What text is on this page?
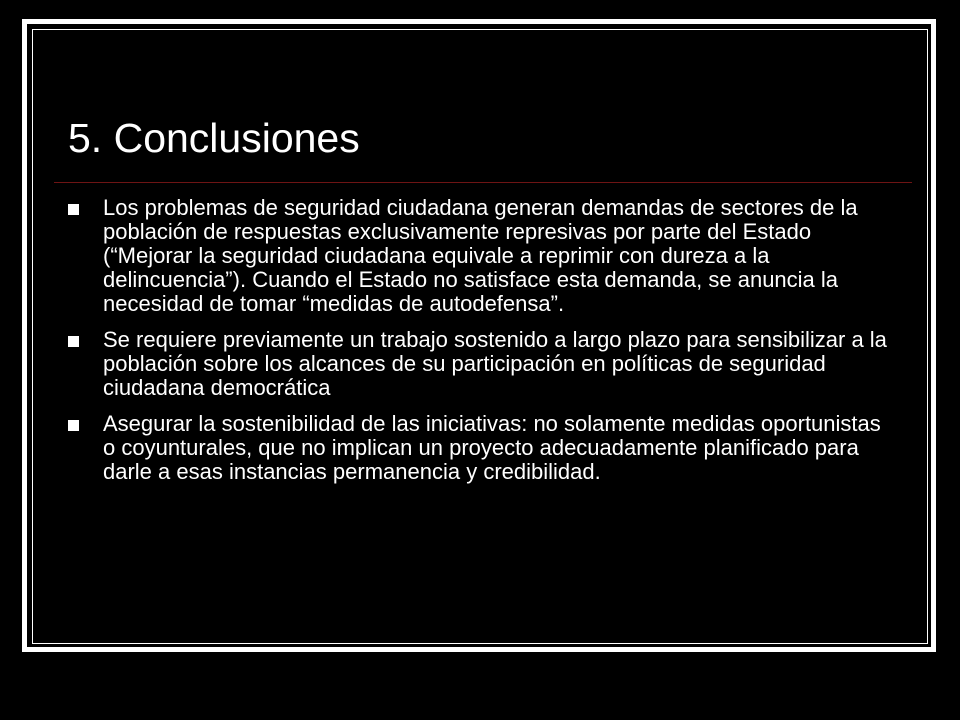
5. Conclusiones
Los problemas de seguridad ciudadana generan demandas de sectores de la población de respuestas exclusivamente represivas por parte del Estado (“Mejorar la seguridad ciudadana equivale a reprimir con dureza a la delincuencia”). Cuando el Estado no satisface esta demanda, se anuncia la necesidad de tomar “medidas de autodefensa”.
Se requiere previamente un trabajo sostenido a largo plazo para sensibilizar a la población sobre los alcances de su participación en políticas de seguridad ciudadana democrática
Asegurar la sostenibilidad de las iniciativas: no solamente medidas oportunistas o coyunturales, que no implican un proyecto adecuadamente planificado para darle a esas instancias permanencia y credibilidad.
